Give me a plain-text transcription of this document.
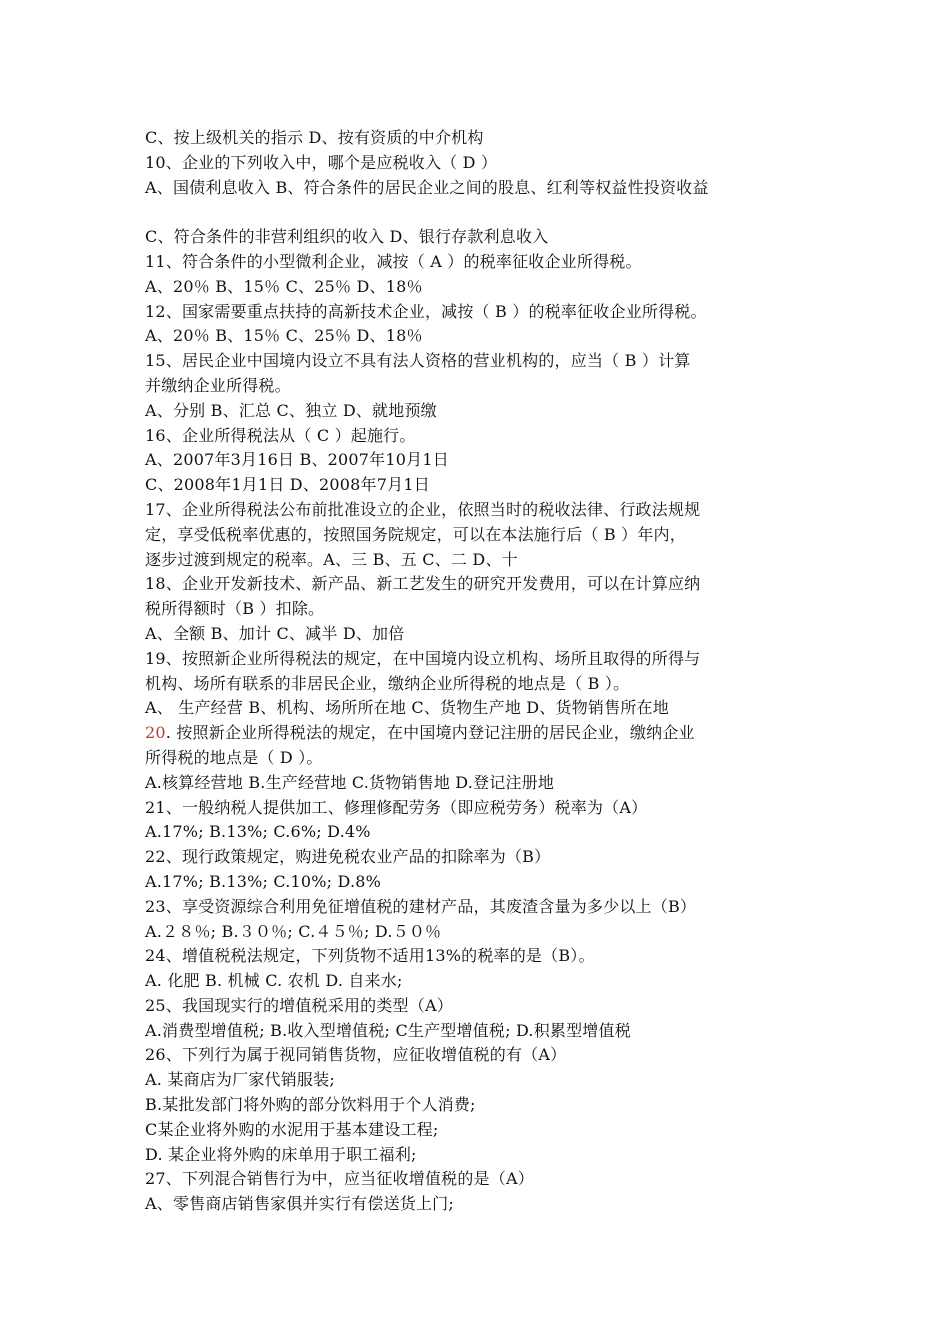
C、按上级机关的指示 D、按有资质的中介机构
10、企业的下列收入中，哪个是应税收入（ D ）
A、国债利息收入 B、符合条件的居民企业之间的股息、红利等权益性投资收益
C、符合条件的非营利组织的收入 D、银行存款利息收入
11、符合条件的小型微利企业，减按（ A ）的税率征收企业所得税。
A、20％ B、15％ C、25％ D、18％
12、国家需要重点扶持的高新技术企业，减按（ B ）的税率征收企业所得税。
A、20％ B、15％ C、25％ D、18％
15、居民企业中国境内设立不具有法人资格的营业机构的，应当（ B ）计算
并缴纳企业所得税。
A、分别 B、汇总 C、独立 D、就地预缴
16、企业所得税法从（ C ）起施行。
A、2007年3月16日 B、2007年10月1日
C、2008年1月1日 D、2008年7月1日
17、企业所得税法公布前批准设立的企业，依照当时的税收法律、行政法规规
定，享受低税率优惠的，按照国务院规定，可以在本法施行后（ B ）年内，
逐步过渡到规定的税率。A、三 B、五 C、二 D、十
18、企业开发新技术、新产品、新工艺发生的研究开发费用，可以在计算应纳
税所得额时（B ）扣除。
A、全额 B、加计 C、减半 D、加倍
19、按照新企业所得税法的规定，在中国境内设立机构、场所且取得的所得与
机构、场所有联系的非居民企业，缴纳企业所得税的地点是（ B ）。
A、 生产经营 B、机构、场所所在地 C、货物生产地 D、货物销售所在地
20. 按照新企业所得税法的规定，在中国境内登记注册的居民企业，缴纳企业
所得税的地点是（ D ）。
A.核算经营地 B.生产经营地 C.货物销售地 D.登记注册地
21、一般纳税人提供加工、修理修配劳务（即应税劳务）税率为（A）
A.17%; B.13%; C.6%; D.4%
22、现行政策规定，购进免税农业产品的扣除率为（B）
A.17%; B.13%; C.10%; D.8%
23、享受资源综合利用免征增值税的建材产品，其废渣含量为多少以上（B）
A.２８％; B.３０％; C.４５％; D.５０％
24、增值税税法规定，下列货物不适用13%的税率的是（B）。
A. 化肥 B. 机械 C. 农机 D. 自来水;
25、我国现实行的增值税采用的类型（A）
A.消费型增值税; B.收入型增值税; C生产型增值税; D.积累型增值税
26、下列行为属于视同销售货物，应征收增值税的有（A）
A. 某商店为厂家代销服装;
B.某批发部门将外购的部分饮料用于个人消费;
C某企业将外购的水泥用于基本建设工程;
D. 某企业将外购的床单用于职工福利;
27、下列混合销售行为中，应当征收增值税的是（A）
A、零售商店销售家俱并实行有偿送货上门;
